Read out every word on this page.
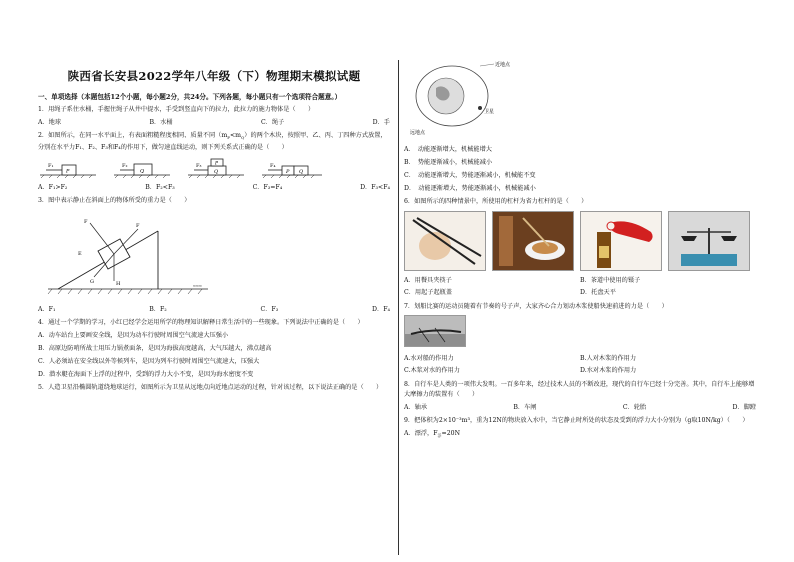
陕西省长安县2022学年八年级（下）物理期末模拟试题
一、单项选择（本题包括12个小题，每小题2分，共24分。下列各题，每小题只有一个选项符合题意。）

1．用绳子系住水桶，手握住绳子从井中提水，手受到竖直向下的拉力，此拉力的施力物体是（　　）

A．地球	B．水桶	C．绳子	D．手

2．如图所示，在同一水平面上，有表面粗糙程度相同、质量不同$(m_P<m_Q)$的两个木块，按照甲、乙、丙、丁四种方式放置，分别在水平力F₁、F₂、F₃和F₄的作用下，做匀速直线运动，则下列关系式正确的是（　　）

F₁
P
F₂
Q
F₃	P
Q
F₄
P Q
A．F₁>F₂	B．F₂<F₃	C．F₃=F₄	D．F₃<F₄

3．图中表示静止在斜面上的物体所受的重力是（　　）

F
E
F
G	H	www
A．F₁	B．F₂	C．F₃	D．F₄

4．通过一个学期的学习，小红已经学会运用所学的物理知识解释日常生活中的一些现象。下列说法中正确的是（　　）

A．动车站台上要画安全线，是因为动车行驶时周围空气流速大压强小

B．高原边防哨所战士用压力锅煮面条，是因为海拔高度越高，大气压越大，沸点越高

C．人必须站在安全线以外等候列车，是因为列车行驶时周围空气流速大，压强大

D．潜水艇在海面下上浮的过程中，受到的浮力大小不变，是因为海水密度不变

5．人造卫星沿椭圆轨道绕地球运行，如图所示为卫星从远地点向近地点运动的过程，针对该过程，以下说法正确的是（　　）

近地点
远地点
卫星

A．　动能逐渐增大，机械能增大

B．　势能逐渐减小，机械能减小

C．　动能逐渐增大，势能逐渐减小，机械能不变

D．　动能逐渐增大，势能逐渐减小，机械能减小

6．如图所示的四种情景中，所使用的杠杆为省力杠杆的是（　　）

A．用餐具夹筷子	B．茶道中使用的镊子
C．用起子起瓶盖	D．托盘天平

7．划船比赛的运动员随着有节奏的号子声，大家齐心合力划动木浆使船快速前进的力是（　　）

A.水对船的作用力	B.人对木浆的作用力
C.木浆对水的作用力	D.水对木浆的作用力

8．自行车是人类的一项伟大发明。一百多年来，经过技术人员的不断改进，现代的自行车已经十分完善。其中，自行车上能够增大摩擦力的装置有（　　）

A．轴承	B．车闸	C．轮胎	D．脚蹬

9．把体积为2×10⁻³m³，重为12N的物块放入水中，当它静止时所处的状态及受到的浮力大小分别为（g取10N/kg）（　　）

A．漂浮，$F_浮=20N$
